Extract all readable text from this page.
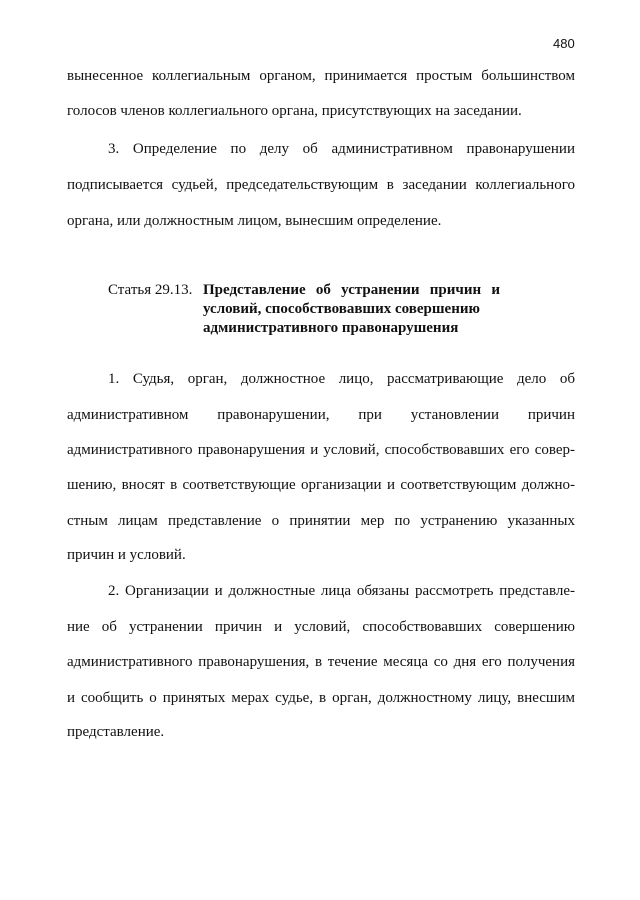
480
вынесенное коллегиальным органом, принимается простым большинством
голосов членов коллегиального органа, присутствующих на заседании.
3. Определение по делу об административном правонарушении
подписывается судьей, председательствующим в заседании коллегиального
органа, или должностным лицом, вынесшим определение.
Статья 29.13. Представление об устранении причин и
условий, способствовавших совершению
административного правонарушения
1. Судья, орган, должностное лицо, рассматривающие дело об
административном правонарушении, при установлении причин
административного правонарушения и условий, способствовавших его совер-
шению, вносят в соответствующие организации и соответствующим должно-
стным лицам представление о принятии мер по устранению указанных
причин и условий.
2. Организации и должностные лица обязаны рассмотреть представле-
ние об устранении причин и условий, способствовавших совершению
административного правонарушения, в течение месяца со дня его получения
и сообщить о принятых мерах судье, в орган, должностному лицу, внесшим
представление.
